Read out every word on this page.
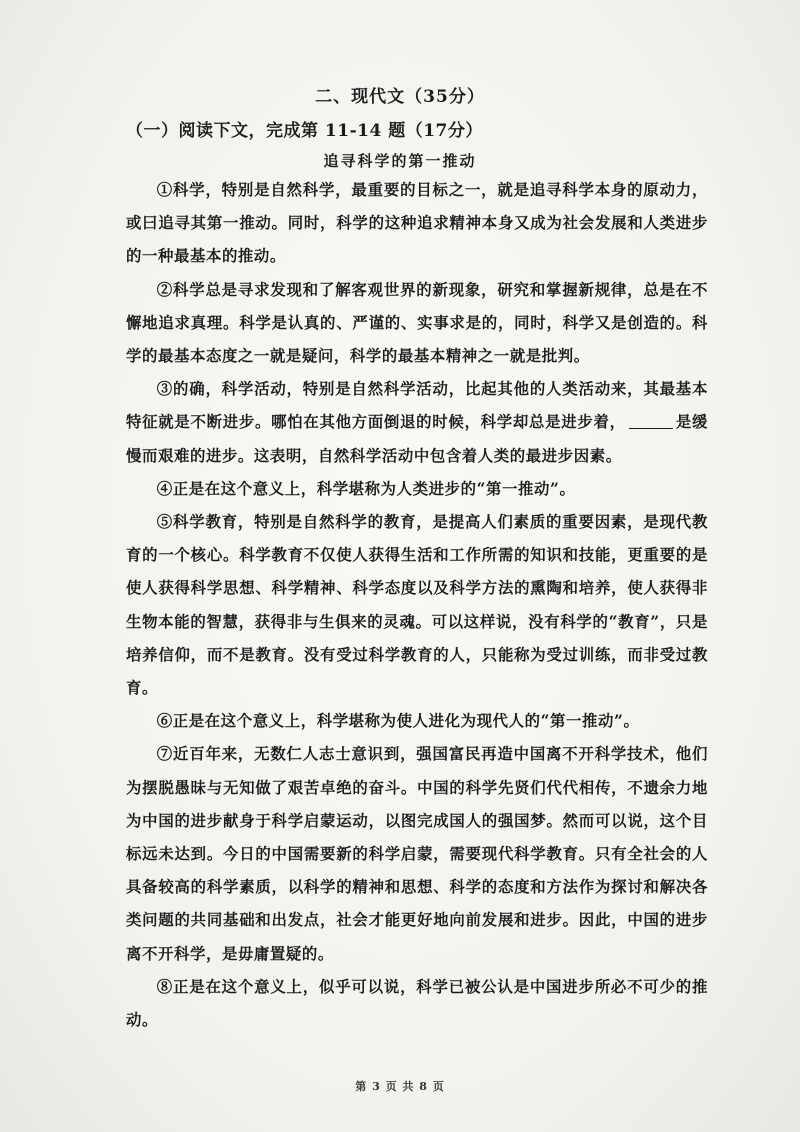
二、现代文（35分）
（一）阅读下文，完成第 11-14 题（17分）
追寻科学的第一推动

①科学，特别是自然科学，最重要的目标之一，就是追寻科学本身的原动力，或曰追寻其第一推动。同时，科学的这种追求精神本身又成为社会发展和人类进步的一种最基本的推动。

②科学总是寻求发现和了解客观世界的新现象，研究和掌握新规律，总是在不懈地追求真理。科学是认真的、严谨的、实事求是的，同时，科学又是创造的。科学的最基本态度之一就是疑问，科学的最基本精神之一就是批判。

③的确，科学活动，特别是自然科学活动，比起其他的人类活动来，其最基本特征就是不断进步。哪怕在其他方面倒退的时候，科学却总是进步着，	是缓慢而艰难的进步。这表明，自然科学活动中包含着人类的最进步因素。

④正是在这个意义上，科学堪称为人类进步的“第一推动”。

⑤科学教育，特别是自然科学的教育，是提高人们素质的重要因素，是现代教育的一个核心。科学教育不仅使人获得生活和工作所需的知识和技能，更重要的是使人获得科学思想、科学精神、科学态度以及科学方法的熏陶和培养，使人获得非生物本能的智慧，获得非与生俱来的灵魂。可以这样说，没有科学的“教育”，只是培养信仰，而不是教育。没有受过科学教育的人，只能称为受过训练，而非受过教育。

⑥正是在这个意义上，科学堪称为使人进化为现代人的“第一推动”。

⑦近百年来，无数仁人志士意识到，强国富民再造中国离不开科学技术，他们为摆脱愚昧与无知做了艰苦卓绝的奋斗。中国的科学先贤们代代相传，不遗余力地为中国的进步献身于科学启蒙运动，以图完成国人的强国梦。然而可以说，这个目标远未达到。今日的中国需要新的科学启蒙，需要现代科学教育。只有全社会的人具备较高的科学素质，以科学的精神和思想、科学的态度和方法作为探讨和解决各类问题的共同基础和出发点，社会才能更好地向前发展和进步。因此，中国的进步离不开科学，是毋庸置疑的。

⑧正是在这个意义上，似乎可以说，科学已被公认是中国进步所必不可少的推动。

第 3 页 共 8 页
